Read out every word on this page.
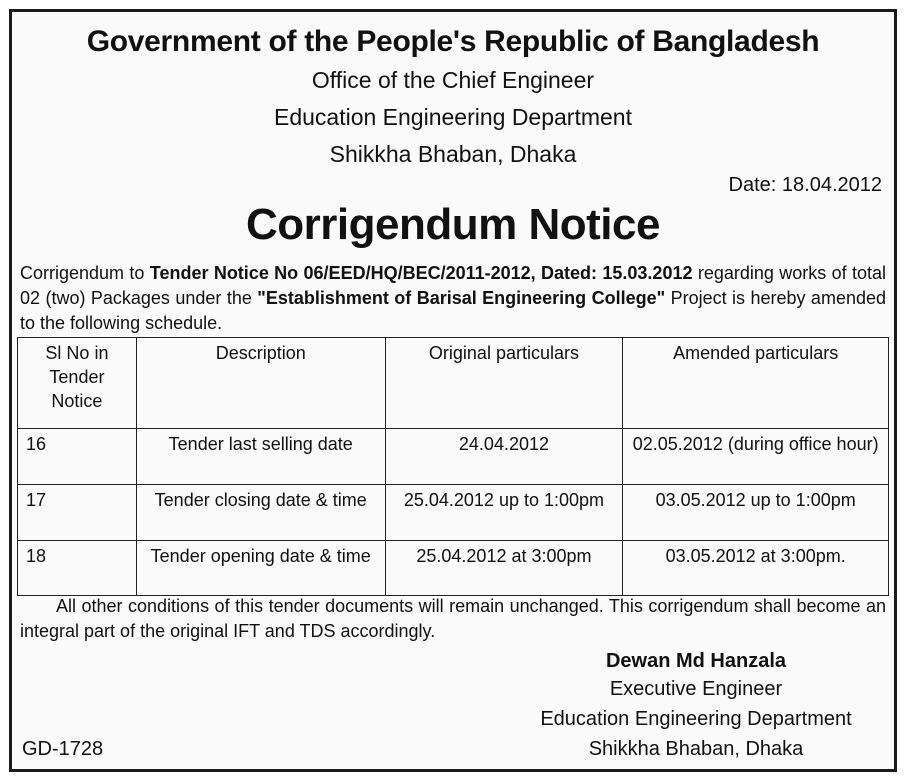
Government of the People's Republic of Bangladesh
Office of the Chief Engineer
Education Engineering Department
Shikkha Bhaban, Dhaka
Date: 18.04.2012
Corrigendum Notice

Corrigendum to Tender Notice No 06/EED/HQ/BEC/2011-2012, Dated: 15.03.2012 regarding works of total 02 (two) Packages under the "Establishment of Barisal Engineering College" Project is hereby amended to the following schedule.

Sl No in Tender Notice	Description	Original particulars	Amended particulars
16	Tender last selling date	24.04.2012	02.05.2012 (during office hour)
17	Tender closing date & time	25.04.2012 up to 1:00pm	03.05.2012 up to 1:00pm
18	Tender opening date & time	25.04.2012 at 3:00pm	03.05.2012 at 3:00pm.

All other conditions of this tender documents will remain unchanged. This corrigendum shall become an integral part of the original IFT and TDS accordingly.

Dewan Md Hanzala
Executive Engineer
Education Engineering Department
Shikkha Bhaban, Dhaka
GD-1728
